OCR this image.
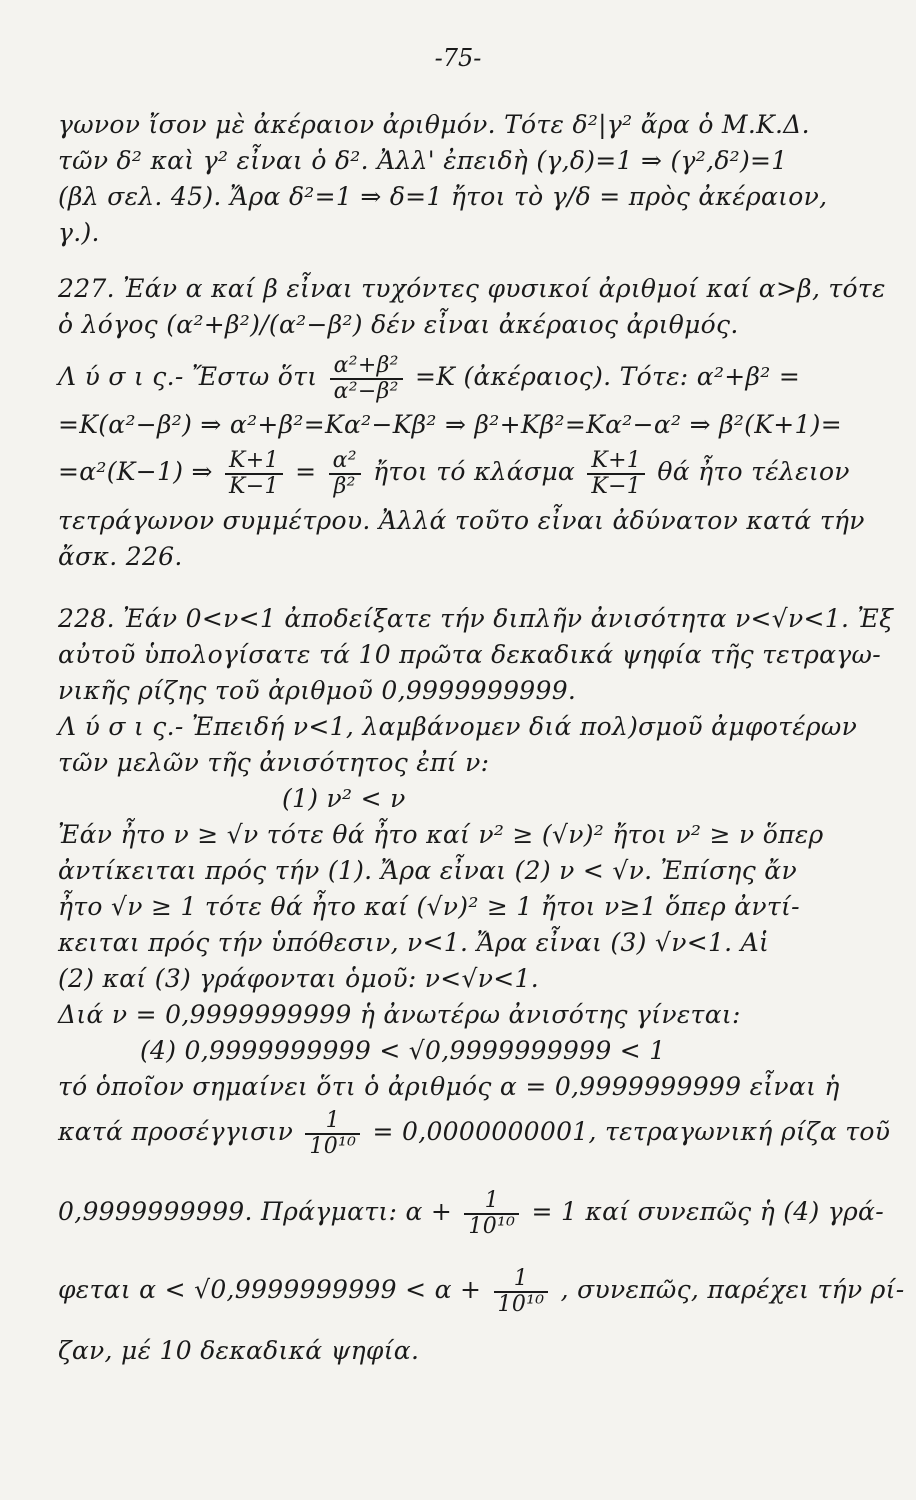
-75-
γωνον ἴσον μὲ ἀκέραιον ἀριθμόν. Τότε δ²|γ² ἄρα ὁ Μ.Κ.Δ.
τῶν δ² καὶ γ² εἶναι ὁ δ². Ἀλλ' ἐπειδὴ (γ,δ)=1 ⇒ (γ²,δ²)=1
(βλ σελ. 45). Ἄρα δ²=1 ⇒ δ=1 ἤτοι τὸ γ/δ = πρὸς ἀκέραιον,
γ.).
227. Ἐάν α καί β εἶναι τυχόντες φυσικοί ἀριθμοί καί α>β, τότε
ὁ λόγος (α²+β²)/(α²−β²) δέν εἶναι ἀκέραιος ἀριθμός.
Λ ύ σ ι ς.- Ἔστω ὅτι $\frac{\text{α²+β²}}{\text{α²−β²}} =K$ (ἀκέραιος). Τότε: α²+β² =
=Κ(α²−β²) ⇒ α²+β²=Κα²−Κβ² ⇒ β²+Κβ²=Κα²−α² ⇒ β²(Κ+1)=
=α²(Κ−1) ⇒ $\frac{K+1}{K-1} = \frac{\text{α²}}{\text{β²}}$ ἤτοι τό κλάσμα $\frac{K+1}{K-1}$ θά ἦτο τέλειον
τετράγωνον συμμέτρου. Ἀλλά τοῦτο εἶναι ἀδύνατον κατά τήν
ἄσκ. 226.
228. Ἐάν 0<ν<1 ἀποδείξατε τήν διπλῆν ἀνισότητα ν<√ν<1. Ἐξ
αὐτοῦ ὑπολογίσατε τά 10 πρῶτα δεκαδικά ψηφία τῆς τετραγω-
νικῆς ρίζης τοῦ ἀριθμοῦ 0,9999999999.
Λ ύ σ ι ς.- Ἐπειδή ν<1, λαμβάνομεν διά πολ)σμοῦ ἀμφοτέρων
τῶν μελῶν τῆς ἀνισότητος ἐπί ν:
(1) ν² < ν
Ἐάν ἦτο ν ≥ √ν τότε θά ἦτο καί ν² ≥ (√ν)² ἤτοι ν² ≥ ν ὅπερ
ἀντίκειται πρός τήν (1). Ἄρα εἶναι (2) ν < √ν. Ἐπίσης ἄν
ἦτο √ν ≥ 1 τότε θά ἦτο καί (√ν)² ≥ 1 ἤτοι ν≥1 ὅπερ ἀντί-
κειται πρός τήν ὑπόθεσιν, ν<1. Ἄρα εἶναι (3) √ν<1. Αἱ
(2) καί (3) γράφονται ὁμοῦ: ν<√ν<1.
Διά ν = 0,9999999999 ἡ ἀνωτέρω ἀνισότης γίνεται:
(4) 0,9999999999 < √0,9999999999 < 1
τό ὁποῖον σημαίνει ὅτι ὁ ἀριθμός α = 0,9999999999 εἶναι ἡ
κατά προσέγγισιν $\frac{1}{\text{10¹⁰}} = 0,0000000001$, τετραγωνική ρίζα τοῦ
0,9999999999. Πράγματι: $\alpha + \frac{1}{\text{10¹⁰}} = 1$ καί συνεπῶς ἡ (4) γρά-
φεται $\alpha < √0,9999999999 < \alpha + \frac{1}{\text{10¹⁰}}$ , συνεπῶς, παρέχει τήν ρί-
ζαν, μέ 10 δεκαδικά ψηφία.
